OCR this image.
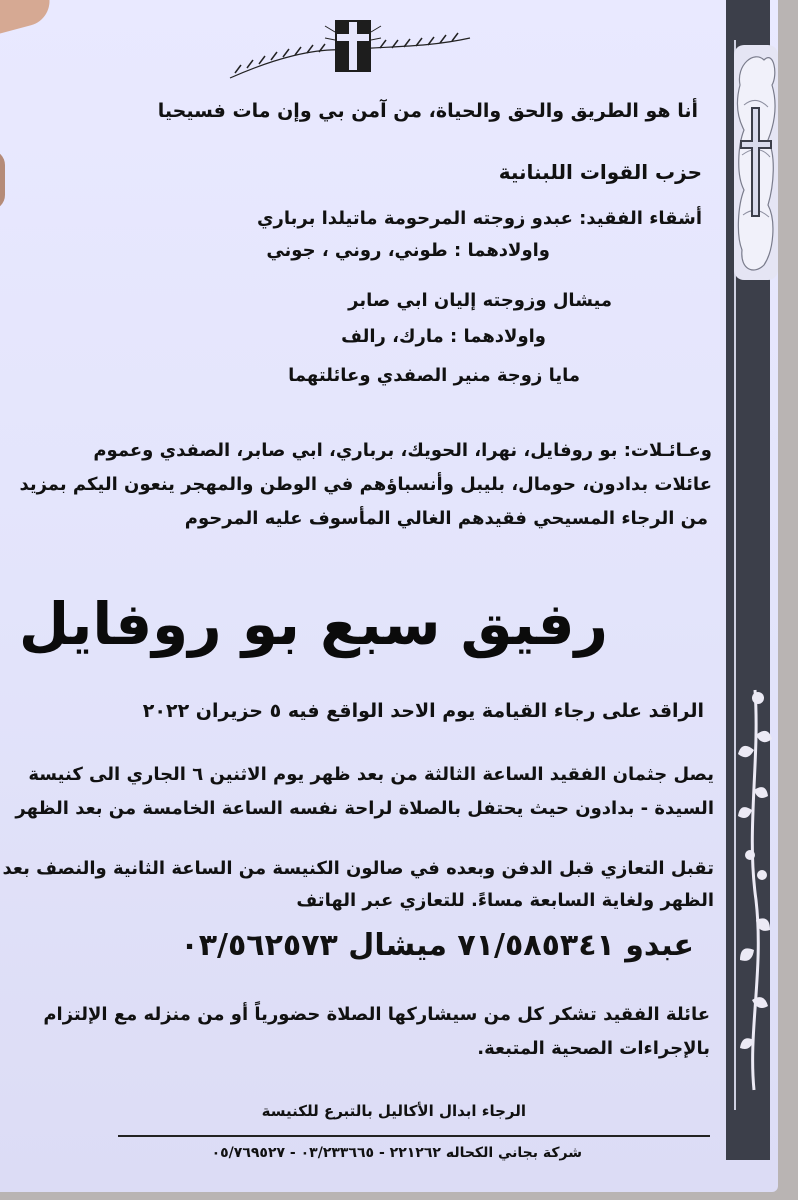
أنا هو الطريق والحق والحياة، من آمن بي وإن مات فسيحيا
حزب القوات اللبنانية
أشقاء الفقيد: عبدو زوجته المرحومة ماتيلدا برباري
واولادهما : طوني، روني ، جوني
ميشال وزوجته إليان ابي صابر
واولادهما : مارك، رالف
مايا زوجة منير الصفدي وعائلتهما
وعـائـلات: بو روفايل، نهرا، الحويك، برباري، ابي صابر، الصفدي وعموم
عائلات بدادون، حومال، بليبل وأنسباؤهم في الوطن والمهجر ينعون اليكم بمزيد
من الرجاء المسيحي فقيدهم الغالي المأسوف عليه المرحوم
رفيق سبع بو روفايل
الراقد على رجاء القيامة يوم الاحد الواقع فيه ٥ حزيران ٢٠٢٢
يصل جثمان الفقيد الساعة الثالثة من بعد ظهر يوم الاثنين ٦ الجاري الى كنيسة
السيدة - بدادون حيث يحتفل بالصلاة لراحة نفسه الساعة الخامسة من بعد الظهر
تقبل التعازي قبل الدفن وبعده في صالون الكنيسة من الساعة الثانية والنصف بعد
الظهر ولغاية السابعة مساءً. للتعازي عبر الهاتف
عبدو ٧١/٥٨٥٣٤١ ميشال ٠٣/٥٦٢٥٧٣
عائلة الفقيد تشكر كل من سيشاركها الصلاة حضورياً أو من منزله مع الإلتزام
بالإجراءات الصحية المتبعة.
الرجاء ابدال الأكاليل بالتبرع للكنيسة
شركة بجاني الكحاله ٢٢١٢٦٢ - ٠٣/٢٣٣٦٦٥ - ٠٥/٧٦٩٥٢٧
